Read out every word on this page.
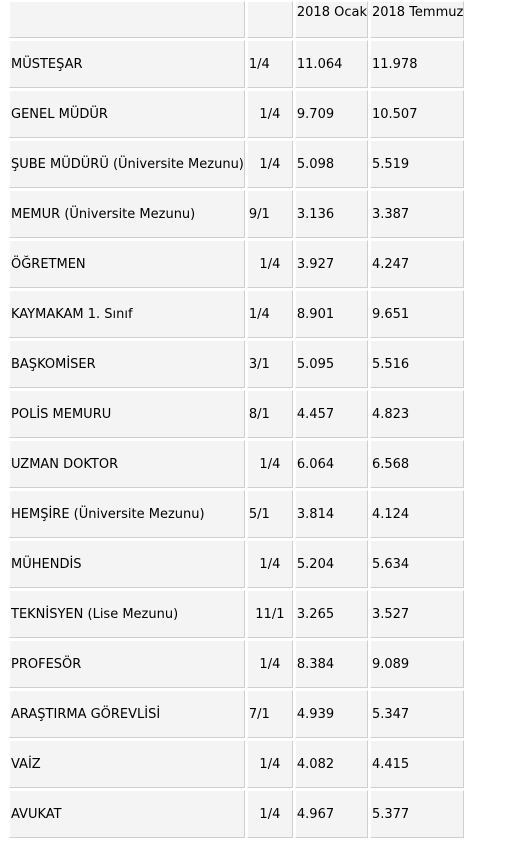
		2018 Ocak	2018 Temmuz
MÜSTEŞAR	1/4	11.064	11.978
GENEL MÜDÜR	1/4	9.709	10.507
ŞUBE MÜDÜRÜ (Üniversite Mezunu)	1/4	5.098	5.519
MEMUR (Üniversite Mezunu)	9/1	3.136	3.387
ÖĞRETMEN	1/4	3.927	4.247
KAYMAKAM 1. Sınıf	1/4	8.901	9.651
BAŞKOMİSER	3/1	5.095	5.516
POLİS MEMURU	8/1	4.457	4.823
UZMAN DOKTOR	1/4	6.064	6.568
HEMŞİRE (Üniversite Mezunu)	5/1	3.814	4.124
MÜHENDİS	1/4	5.204	5.634
TEKNİSYEN (Lise Mezunu)	11/1	3.265	3.527
PROFESÖR	1/4	8.384	9.089
ARAŞTIRMA GÖREVLİSİ	7/1	4.939	5.347
VAİZ	1/4	4.082	4.415
AVUKAT	1/4	4.967	5.377
